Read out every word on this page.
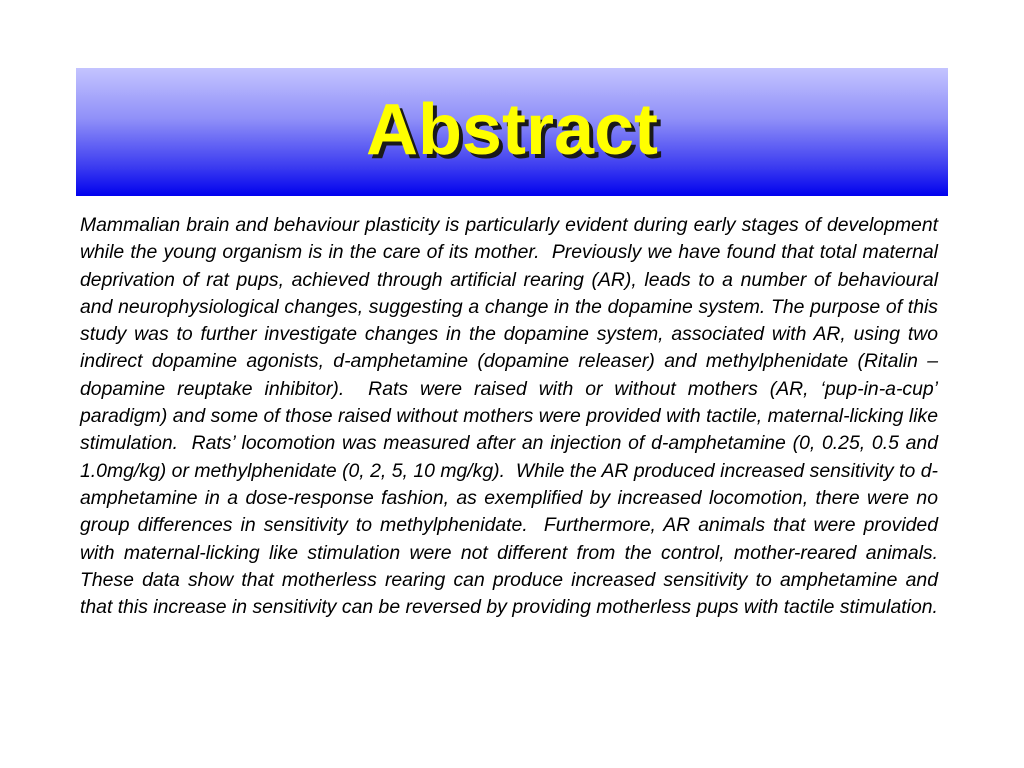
Abstract

Mammalian brain and behaviour plasticity is particularly evident during early stages of development while the young organism is in the care of its mother.  Previously we have found that total maternal deprivation of rat pups, achieved through artificial rearing (AR), leads to a number of behavioural and neurophysiological changes, suggesting a change in the dopamine system. The purpose of this study was to further investigate changes in the dopamine system, associated with AR, using two indirect dopamine agonists, d-amphetamine (dopamine releaser) and methylphenidate (Ritalin – dopamine reuptake inhibitor).  Rats were raised with or without mothers (AR, ‘pup-in-a-cup’ paradigm) and some of those raised without mothers were provided with tactile, maternal-licking like stimulation.  Rats’ locomotion was measured after an injection of d-amphetamine (0, 0.25, 0.5 and 1.0mg/kg) or methylphenidate (0, 2, 5, 10 mg/kg).  While the AR produced increased sensitivity to d-amphetamine in a dose-response fashion, as exemplified by increased locomotion, there were no group differences in sensitivity to methylphenidate.  Furthermore, AR animals that were provided with maternal-licking like stimulation were not different from the control, mother-reared animals.  These data show that motherless rearing can produce increased sensitivity to amphetamine and that this increase in sensitivity can be reversed by providing motherless pups with tactile stimulation.
